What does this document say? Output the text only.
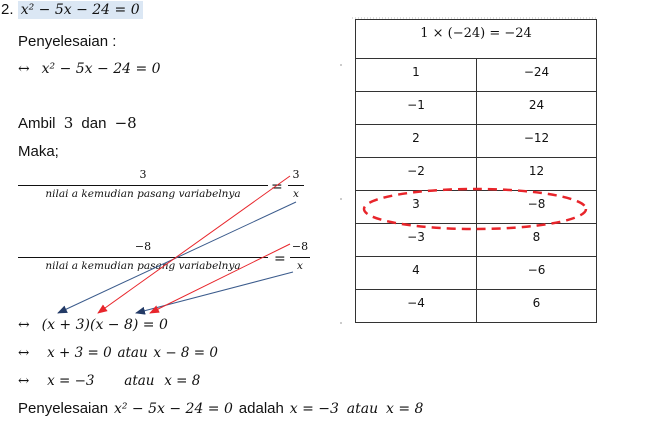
2. x² − 5x − 24 = 0
Penyelesaian :
↔ x² − 5x − 24 = 0
Ambil 3 dan −8
Maka;
3
nilai a kemudian pasang variabelnya	= $\frac{3}{x}$
−8
nilai a kemudian pasang variabelnya	= $\frac{-8}{x}$
↔ (x + 3)(x − 8) = 0
↔ x + 3 = 0 atau x − 8 = 0
↔ x = −3 atau x = 8
Penyelesaian x² − 5x − 24 = 0 adalah x = −3 atau x = 8
1 × (−24) = −24	
1	−24
−1	24
2	−12
−2	12
3	−8
−3	8
4	−6
−4	6
